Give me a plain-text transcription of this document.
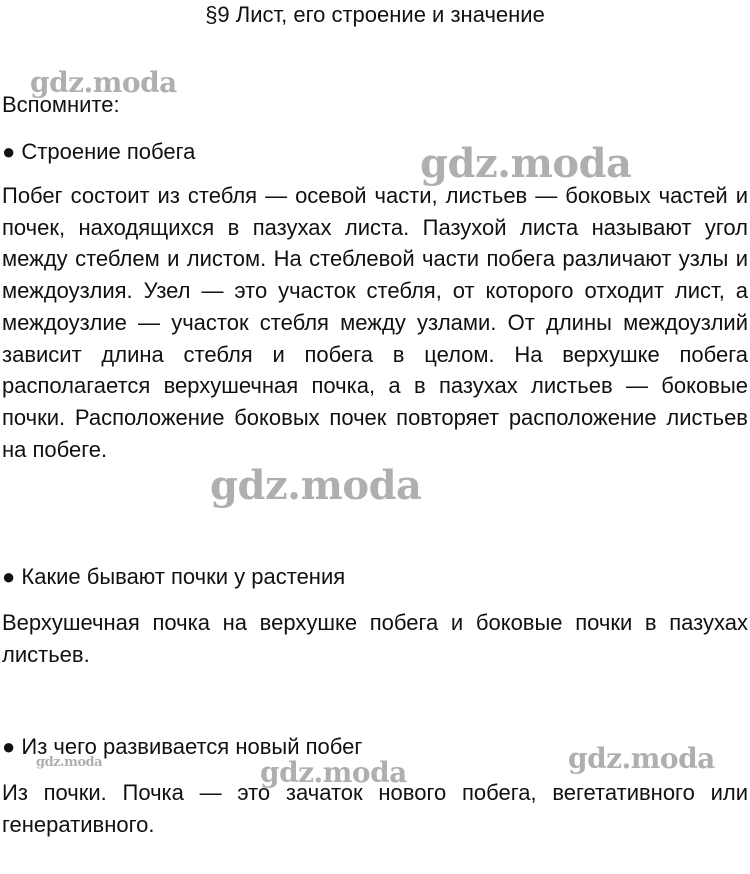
§9 Лист, его строение и значение
gdz.moda
Вспомните:
● Строение побега	gdz.moda

Побег состоит из стебля — осевой части, листьев — боковых частей и почек, находящихся в пазухах листа. Пазухой листа называют угол между стеблем и листом. На стеблевой части побега различают узлы и междоузлия. Узел — это участок стебля, от которого отходит лист, а междоузлие — участок стебля между узлами. От длины междоузлий зависит длина стебля и побега в целом. На верхушке побега располагается верхушечная почка, а в пазухах листьев — боковые почки. Расположение боковых почек повторяет расположение листьев на побеге.

gdz.moda
● Какие бывают почки у растения

Верхушечная почка на верхушке побега и боковые почки в пазухах листьев.

● Из чего развивается новый побег
gdz.moda	gdz.moda
gdz.moda

Из почки. Почка — это зачаток нового побега, вегетативного или генеративного.
